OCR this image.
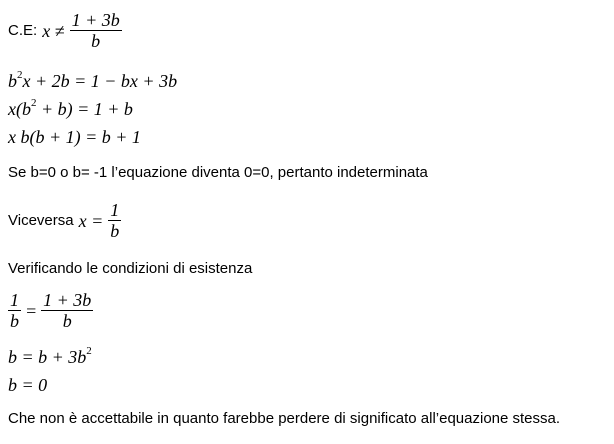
C.E: $x \ne \frac{1 + 3b}{b}$
$b^2x + 2b = 1$ − bx + 3b
$x(b^2 + b) = 1 + b$
x b(b + 1) = b + 1
Se b=0 o b= -1 l’equazione diventa 0=0, pertanto indeterminata
Viceversa $x = \frac{1}{b}$
Verificando le condizioni di esistenza
$\frac{1}{b} = \frac{1 + 3b}{b}$
$b = b + 3b^2$
b = 0
Che non è accettabile in quanto farebbe perdere di significato all’equazione stessa.
